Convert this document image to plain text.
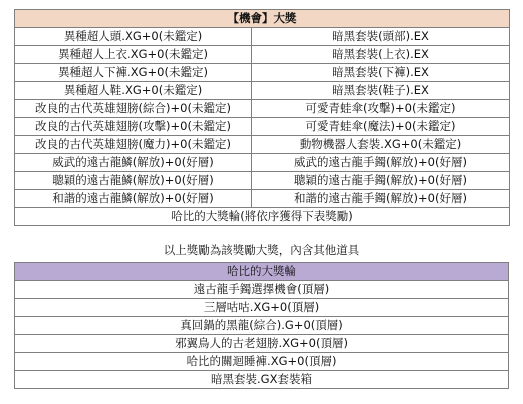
【機會】大獎	
異種超人頭.XG+0(未鑑定)	暗黑套裝(頭部).EX
異種超人上衣.XG+0(未鑑定)	暗黑套裝(上衣).EX
異種超人下褲.XG+0(未鑑定)	暗黑套裝(下褲).EX
異種超人鞋.XG+0(未鑑定)	暗黑套裝(鞋子).EX
改良的古代英雄翅膀(綜合)+0(未鑑定)	可愛青蛙傘(攻擊)+0(未鑑定)
改良的古代英雄翅膀(攻擊)+0(未鑑定)	可愛青蛙傘(魔法)+0(未鑑定)
改良的古代英雄翅膀(魔力)+0(未鑑定)	動物機器人套裝.XG+0(未鑑定)
威武的遠古龍鱗(解放)+0(好層)	威武的遠古龍手鐲(解放)+0(好層)
聰穎的遠古龍鱗(解放)+0(好層)	聰穎的遠古龍手鐲(解放)+0(好層)
和諧的遠古龍鱗(解放)+0(好層)	和諧的遠古龍手鐲(解放)+0(好層)
哈比的大獎輪(將依序獲得下表獎勵)	
以上獎勵為該獎勵大獎，內含其他道具
哈比的大獎輪
遠古龍手鐲選擇機會(頂層)
三層咕咕.XG+0(頂層)
真回鍋的黑龍(綜合).G+0(頂層)
邪翼鳥人的古老翅膀.XG+0(頂層)
哈比的關迴睡褲.XG+0(頂層)
暗黑套裝.GX套裝箱
